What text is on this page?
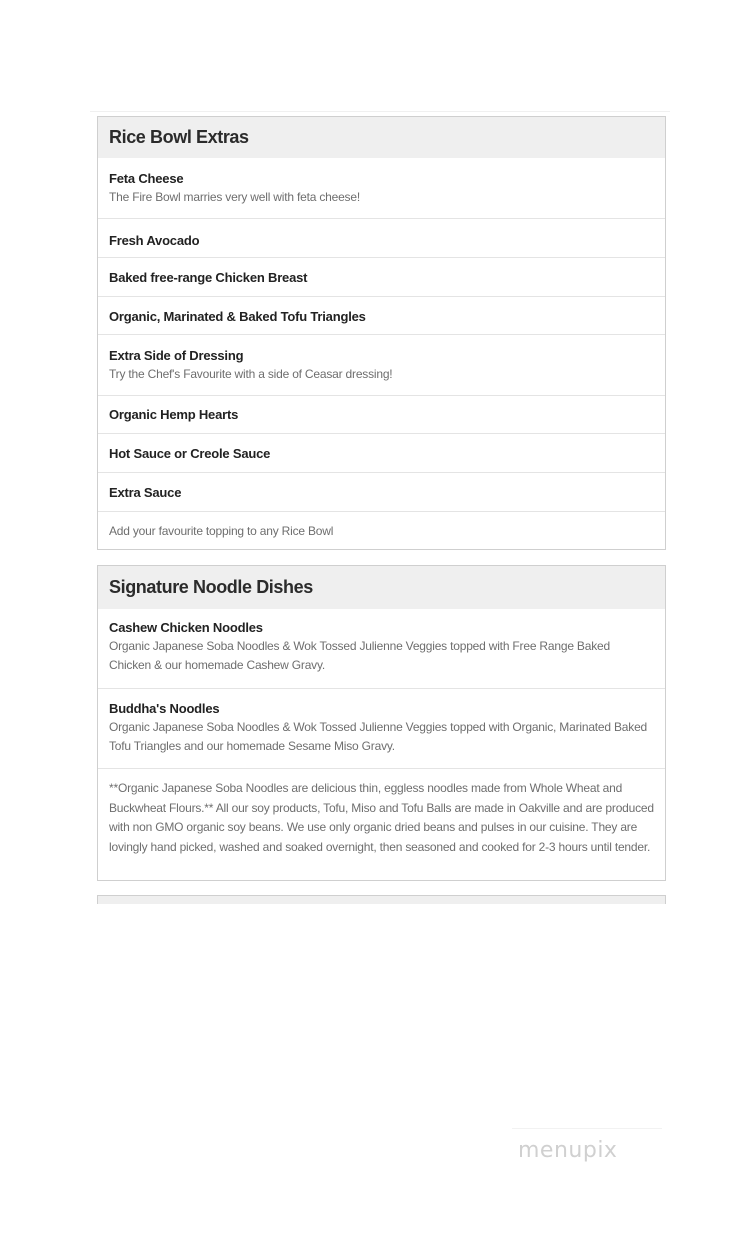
Rice Bowl Extras
Feta Cheese
The Fire Bowl marries very well with feta cheese!
Fresh Avocado
Baked free-range Chicken Breast
Organic, Marinated & Baked Tofu Triangles
Extra Side of Dressing
Try the Chef's Favourite with a side of Ceasar dressing!
Organic Hemp Hearts
Hot Sauce or Creole Sauce
Extra Sauce
Add your favourite topping to any Rice Bowl
Signature Noodle Dishes
Cashew Chicken Noodles
Organic Japanese Soba Noodles & Wok Tossed Julienne Veggies topped with Free Range Baked Chicken & our homemade Cashew Gravy.
Buddha's Noodles
Organic Japanese Soba Noodles & Wok Tossed Julienne Veggies topped with Organic, Marinated Baked Tofu Triangles and our homemade Sesame Miso Gravy.
**Organic Japanese Soba Noodles are delicious thin, eggless noodles made from Whole Wheat and Buckwheat Flours.** All our soy products, Tofu, Miso and Tofu Balls are made in Oakville and are produced with non GMO organic soy beans. We use only organic dried beans and pulses in our cuisine. They are lovingly hand picked, washed and soaked overnight, then seasoned and cooked for 2-3 hours until tender.
menupix
